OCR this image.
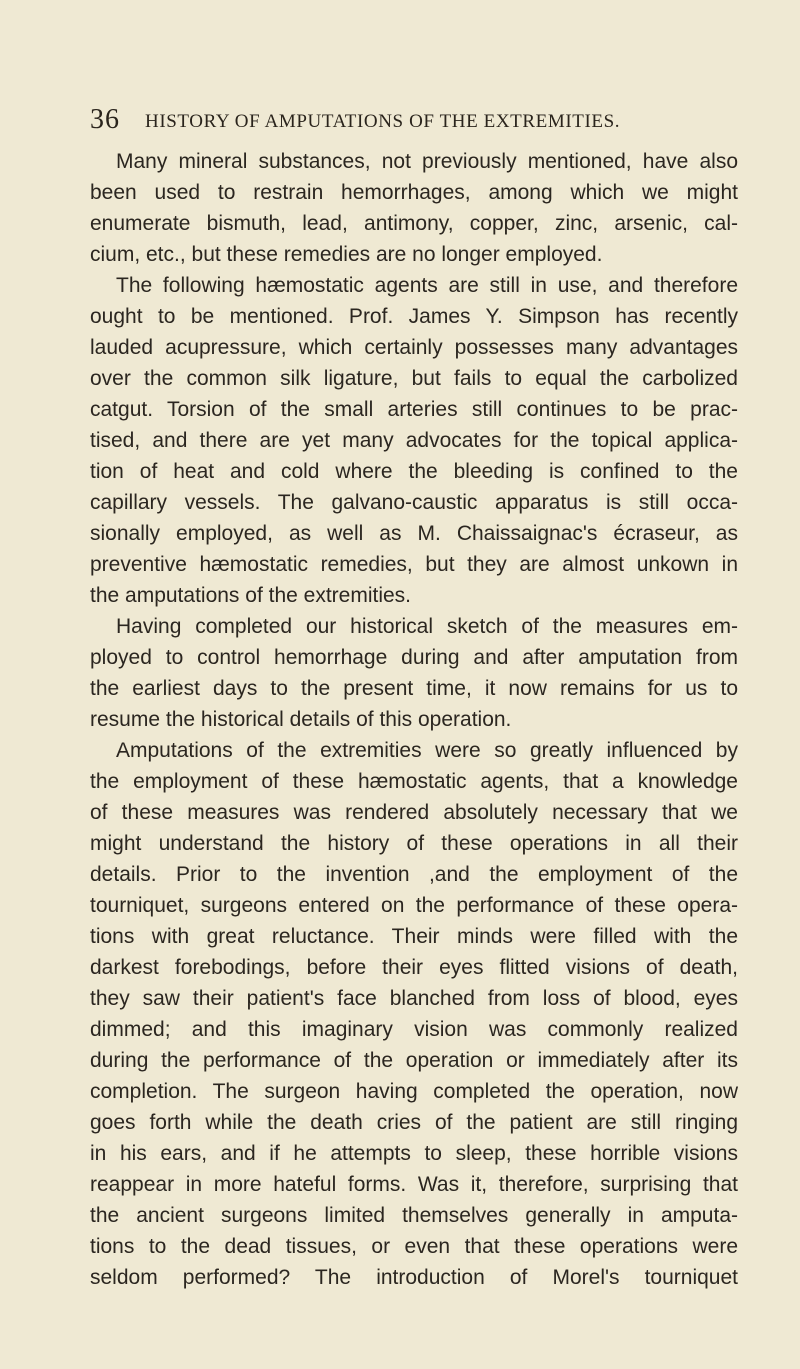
36 HISTORY OF AMPUTATIONS OF THE EXTREMITIES.
Many mineral substances, not previously mentioned, have also
been used to restrain hemorrhages, among which we might
enumerate bismuth, lead, antimony, copper, zinc, arsenic, cal-
cium, etc., but these remedies are no longer employed.
The following hæmostatic agents are still in use, and therefore
ought to be mentioned. Prof. James Y. Simpson has recently
lauded acupressure, which certainly possesses many advantages
over the common silk ligature, but fails to equal the carbolized
catgut. Torsion of the small arteries still continues to be prac-
tised, and there are yet many advocates for the topical applica-
tion of heat and cold where the bleeding is confined to the
capillary vessels. The galvano-caustic apparatus is still occa-
sionally employed, as well as M. Chaissaignac's écraseur, as
preventive hæmostatic remedies, but they are almost unkown in
the amputations of the extremities.
Having completed our historical sketch of the measures em-
ployed to control hemorrhage during and after amputation from
the earliest days to the present time, it now remains for us to
resume the historical details of this operation.
Amputations of the extremities were so greatly influenced by
the employment of these hæmostatic agents, that a knowledge
of these measures was rendered absolutely necessary that we
might understand the history of these operations in all their
details. Prior to the invention ,and the employment of the
tourniquet, surgeons entered on the performance of these opera-
tions with great reluctance. Their minds were filled with the
darkest forebodings, before their eyes flitted visions of death,
they saw their patient's face blanched from loss of blood, eyes
dimmed; and this imaginary vision was commonly realized
during the performance of the operation or immediately after its
completion. The surgeon having completed the operation, now
goes forth while the death cries of the patient are still ringing
in his ears, and if he attempts to sleep, these horrible visions
reappear in more hateful forms. Was it, therefore, surprising that
the ancient surgeons limited themselves generally in amputa-
tions to the dead tissues, or even that these operations were
seldom performed? The introduction of Morel's tourniquet
